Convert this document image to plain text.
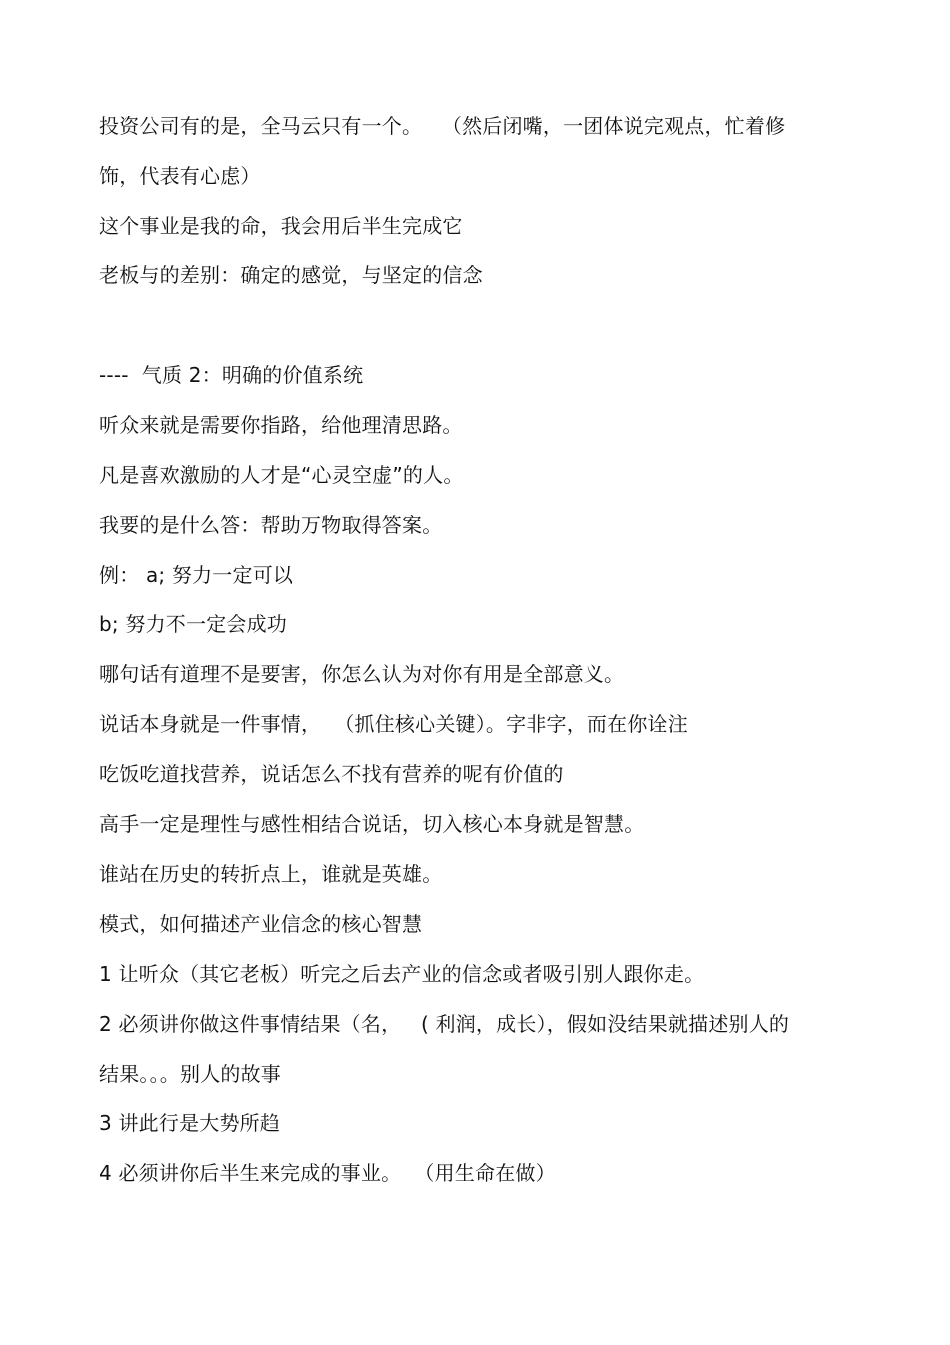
投资公司有的是，全马云只有一个。   （然后闭嘴，一团体说完观点，忙着修
饰，代表有心虑）
这个事业是我的命，我会用后半生完成它
老板与的差别：确定的感觉，与坚定的信念
----  气质 2：明确的价值系统
听众来就是需要你指路，给他理清思路。
凡是喜欢激励的人才是“心灵空虚”的人。
我要的是什么答：帮助万物取得答案。
例： a; 努力一定可以
b; 努力不一定会成功
哪句话有道理不是要害，你怎么认为对你有用是全部意义。
说话本身就是一件事情，  （抓住核心关键）。字非字，而在你诠注
吃饭吃道找营养，说话怎么不找有营养的呢有价值的
高手一定是理性与感性相结合说话，切入核心本身就是智慧。
谁站在历史的转折点上，谁就是英雄。
模式，如何描述产业信念的核心智慧
1 让听众（其它老板）听完之后去产业的信念或者吸引别人跟你走。
2 必须讲你做这件事情结果（名，   ( 利润，成长），假如没结果就描述别人的
结果。。。别人的故事
3 讲此行是大势所趋
4 必须讲你后半生来完成的事业。  （用生命在做）
